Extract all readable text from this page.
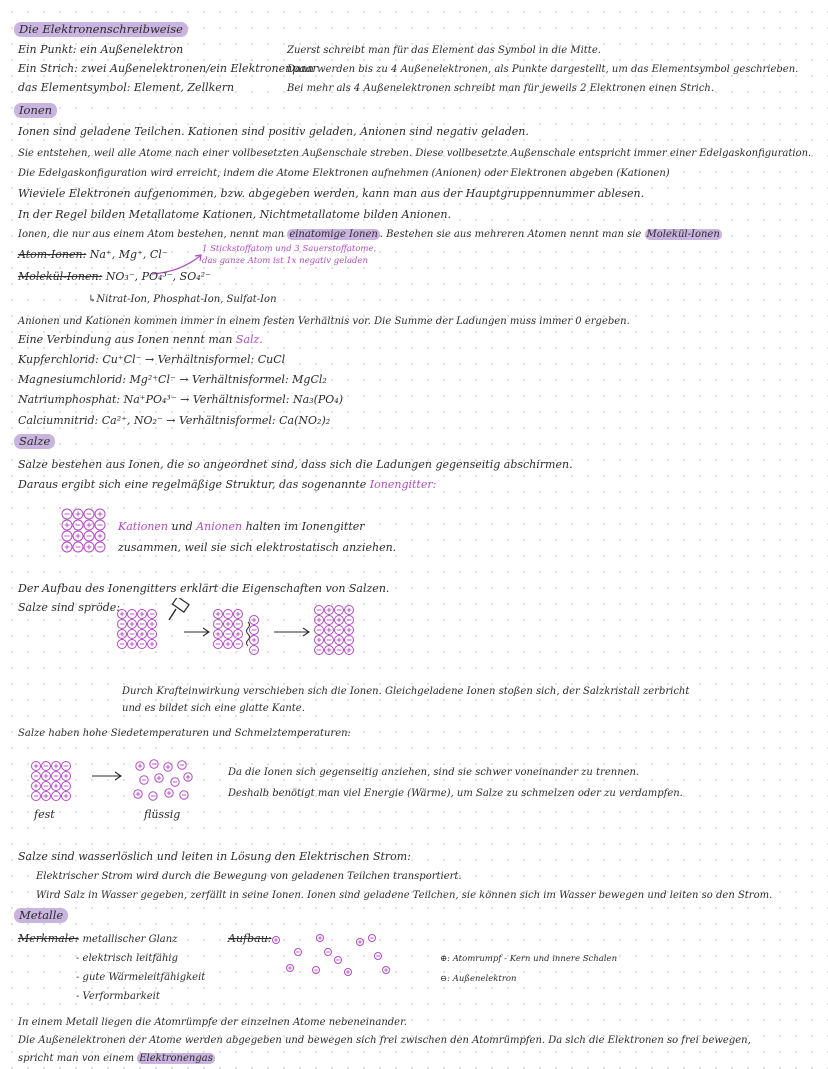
Die Elektronenschreibweise
Ein Punkt: ein Außenelektron
Ein Strich: zwei Außenelektronen/ein Elektronenpaar
das Elementsymbol: Element, Zellkern
Zuerst schreibt man für das Element das Symbol in die Mitte.
Dann werden bis zu 4 Außenelektronen, als Punkte dargestellt, um das Elementsymbol geschrieben.
Bei mehr als 4 Außenelektronen schreibt man für jeweils 2 Elektronen einen Strich.
Ionen
Ionen sind geladene Teilchen. Kationen sind positiv geladen, Anionen sind negativ geladen.
Sie entstehen, weil alle Atome nach einer vollbesetzten Außenschale streben. Diese vollbesetzte Außenschale entspricht immer einer Edelgaskonfiguration.
Die Edelgaskonfiguration wird erreicht, indem die Atome Elektronen aufnehmen (Anionen) oder Elektronen abgeben (Kationen)
Wieviele Elektronen aufgenommen, bzw. abgegeben werden, kann man aus der Hauptgruppennummer ablesen.
In der Regel bilden Metallatome Kationen, Nichtmetallatome bilden Anionen.
Ionen, die nur aus einem Atom bestehen, nennt man einatomige Ionen . Bestehen sie aus mehreren Atomen nennt man sie Molekül-Ionen
Atom-Ionen: Na⁺, Mg⁺, Cl⁻	1 Stickstoffatom und 3 Sauerstoffatome,
das ganze Atom ist 1x negativ geladen
Molekül-Ionen: NO₃⁻, PO₄³⁻, SO₄²⁻
↳Nitrat-Ion, Phosphat-Ion, Sulfat-Ion
Anionen und Kationen kommen immer in einem festen Verhältnis vor. Die Summe der Ladungen muss immer 0 ergeben.
Eine Verbindung aus Ionen nennt man Salz.
Kupferchlorid: Cu⁺Cl⁻ → Verhältnisformel: CuCl
Magnesiumchlorid: Mg²⁺Cl⁻ → Verhältnisformel: MgCl₂
Natriumphosphat: Na⁺PO₄³⁻ → Verhältnisformel: Na₃(PO₄)
Calciumnitrid: Ca²⁺, NO₂⁻ → Verhältnisformel: Ca(NO₂)₂
Salze
Salze bestehen aus Ionen, die so angeordnet sind, dass sich die Ladungen gegenseitig abschirmen.
Daraus ergibt sich eine regelmäßige Struktur, das sogenannte Ionengitter:
Kationen und Anionen halten im Ionengitter
zusammen, weil sie sich elektrostatisch anziehen.
Der Aufbau des Ionengitters erklärt die Eigenschaften von Salzen.
Salze sind spröde:
Durch Krafteinwirkung verschieben sich die Ionen. Gleichgeladene Ionen stoßen sich, der Salzkristall zerbricht
und es bildet sich eine glatte Kante.
Salze haben hohe Siedetemperaturen und Schmelztemperaturen:
fest	flüssig
Da die Ionen sich gegenseitig anziehen, sind sie schwer voneinander zu trennen.
Deshalb benötigt man viel Energie (Wärme), um Salze zu schmelzen oder zu verdampfen.
Salze sind wasserlöslich und leiten in Lösung den Elektrischen Strom:
Elektrischer Strom wird durch die Bewegung von geladenen Teilchen transportiert.
Wird Salz in Wasser gegeben, zerfällt in seine Ionen. Ionen sind geladene Teilchen, sie können sich im Wasser bewegen und leiten so den Strom.
Metalle
Merkmale:
- metallischer Glanz
- elektrisch leitfähig
- gute Wärmeleitfähigkeit
- Verformbarkeit
Aufbau:
⊕: Atomrumpf - Kern und innere Schalen
⊖: Außenelektron
In einem Metall liegen die Atomrümpfe der einzelnen Atome nebeneinander.
Die Außenelektronen der Atome werden abgegeben und bewegen sich frei zwischen den Atomrümpfen. Da sich die Elektronen so frei bewegen,
spricht man von einem Elektronengas
